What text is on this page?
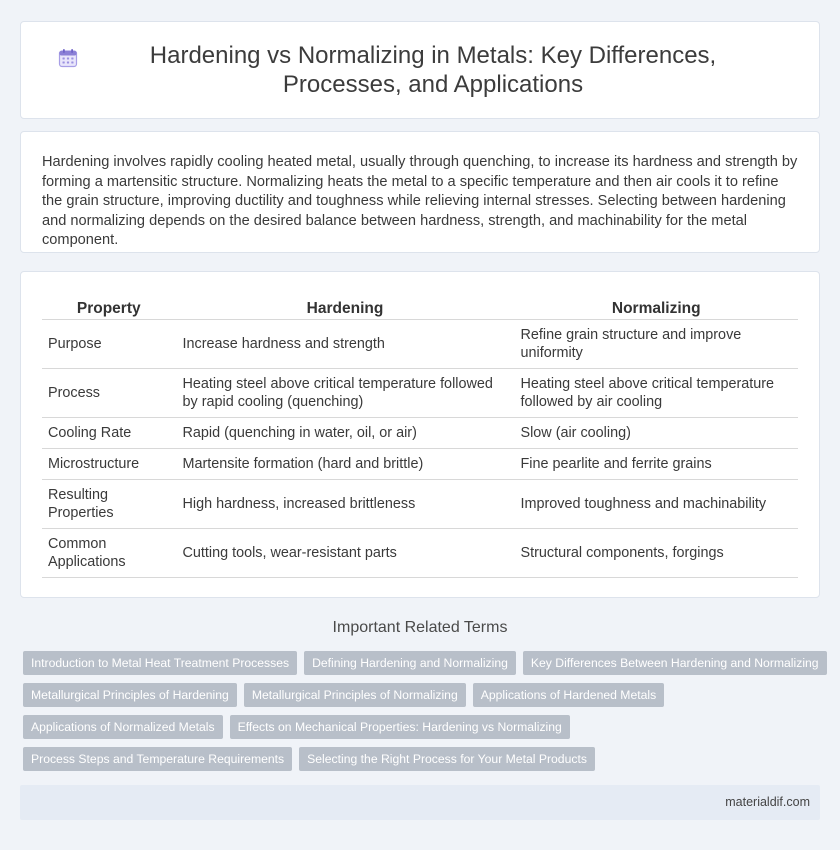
Hardening vs Normalizing in Metals: Key Differences, Processes, and Applications

Hardening involves rapidly cooling heated metal, usually through quenching, to increase its hardness and strength by forming a martensitic structure. Normalizing heats the metal to a specific temperature and then air cools it to refine the grain structure, improving ductility and toughness while relieving internal stresses. Selecting between hardening and normalizing depends on the desired balance between hardness, strength, and machinability for the metal component.

Property	Hardening	Normalizing
Purpose	Increase hardness and strength	Refine grain structure and improve uniformity
Process	Heating steel above critical temperature followed by rapid cooling (quenching)	Heating steel above critical temperature followed by air cooling
Cooling Rate	Rapid (quenching in water, oil, or air)	Slow (air cooling)
Microstructure	Martensite formation (hard and brittle)	Fine pearlite and ferrite grains
Resulting Properties	High hardness, increased brittleness	Improved toughness and machinability
Common Applications	Cutting tools, wear-resistant parts	Structural components, forgings
Important Related Terms
Introduction to Metal Heat Treatment Processes	Defining Hardening and Normalizing	Key Differences Between Hardening and Normalizing
Metallurgical Principles of Hardening	Metallurgical Principles of Normalizing	Applications of Hardened Metals
Applications of Normalized Metals	Effects on Mechanical Properties: Hardening vs Normalizing
Process Steps and Temperature Requirements	Selecting the Right Process for Your Metal Products
materialdif.com
